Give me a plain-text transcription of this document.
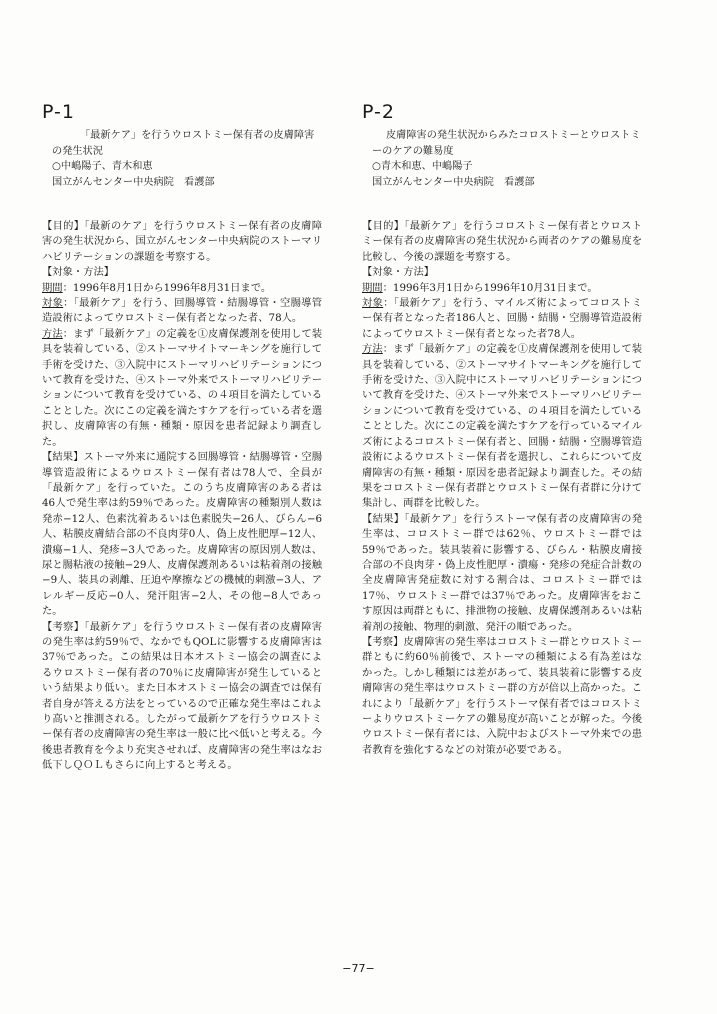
P-1
「最新ケア」を行うウロストミー保有者の皮膚障害の発生状況
○中嶋陽子、青木和恵
国立がんセンター中央病院　看護部

【目的】「最新のケア」を行うウロストミー保有者の皮膚障害の発生状況から、国立がんセンター中央病院のストーマリハビリテーションの課題を考察する。

【対象・方法】

期間：1996年8月1日から1996年8月31日まで。

対象：「最新ケア」を行う、回腸導管・結腸導管・空腸導管造設術によってウロストミー保有者となった者、78人。

方法：まず「最新ケア」の定義を①皮膚保護剤を使用して装具を装着している、②ストーマサイトマーキングを施行して手術を受けた、③入院中にストーマリハビリテーションについて教育を受けた、④ストーマ外来でストーマリハビリテーションについて教育を受けている、の４項目を満たしていることとした。次にこの定義を満たすケアを行っている者を選択し、皮膚障害の有無・種類・原因を患者記録より調査した。

【結果】ストーマ外来に通院する回腸導管・結腸導管・空腸導管造設術によるウロストミー保有者は78人で、全員が「最新ケア」を行っていた。このうち皮膚障害のある者は46人で発生率は約59％であった。皮膚障害の種類別人数は発赤−12人、色素沈着あるいは色素脱失−26人、びらん−6人、粘膜皮膚結合部の不良肉芽0人、偽上皮性肥厚−12人、潰瘍−1人、発疹−3人であった。皮膚障害の原因別人数は、尿と腸粘液の接触−29人、皮膚保護剤あるいは粘着剤の接触−9人、装具の剥離、圧迫や摩擦などの機械的刺激−3人、アレルギー反応−0人、発汗阻害−2人、その他−8人であった。

【考察】「最新ケア」を行うウロストミー保有者の皮膚障害の発生率は約59％で、なかでもQOLに影響する皮膚障害は37％であった。この結果は日本オストミー協会の調査によるウロストミー保有者の70％に皮膚障害が発生しているという結果より低い。また日本オストミー協会の調査では保有者自身が答える方法をとっているので正確な発生率はこれより高いと推測される。したがって最新ケアを行うウロストミー保有者の皮膚障害の発生率は一般に比べ低いと考える。今後患者教育を今より充実させれば、皮膚障害の発生率はなお低下しＱＯＬもさらに向上すると考える。

P-2
皮膚障害の発生状況からみたコロストミーとウロストミーのケアの難易度
○青木和恵、中嶋陽子
国立がんセンター中央病院　看護部

【目的】「最新ケア」を行うコロストミー保有者とウロストミー保有者の皮膚障害の発生状況から両者のケアの難易度を比較し、今後の課題を考察する。

【対象・方法】

期間：1996年3月1日から1996年10月31日まで。

対象：「最新ケア」を行う、マイルズ術によってコロストミー保有者となった者186人と、回腸・結腸・空腸導管造設術によってウロストミー保有者となった者78人。

方法：まず「最新ケア」の定義を①皮膚保護剤を使用して装具を装着している、②ストーマサイトマーキングを施行して手術を受けた、③入院中にストーマリハビリテーションについて教育を受けた、④ストーマ外来でストーマリハビリテーションについて教育を受けている、の４項目を満たしていることとした。次にこの定義を満たすケアを行っているマイルズ術によるコロストミー保有者と、回腸・結腸・空腸導管造設術によるウロストミー保有者を選択し、これらについて皮膚障害の有無・種類・原因を患者記録より調査した。その結果をコロストミー保有者群とウロストミー保有者群に分けて集計し、両群を比較した。

【結果】「最新ケア」を行うストーマ保有者の皮膚障害の発生率は、コロストミー群では62％、ウロストミー群では59％であった。装具装着に影響する、びらん・粘膜皮膚接合部の不良肉芽・偽上皮性肥厚・潰瘍・発疹の発症合計数の全皮膚障害発症数に対する割合は、コロストミー群では17％、ウロストミー群では37％であった。皮膚障害をおこす原因は両群ともに、排泄物の接触、皮膚保護剤あるいは粘着剤の接触、物理的刺激、発汗の順であった。

【考察】皮膚障害の発生率はコロストミー群とウロストミー群ともに約60％前後で、ストーマの種類による有為差はなかった。しかし種類には差があって、装具装着に影響する皮膚障害の発生率はウロストミー群の方が倍以上高かった。これにより「最新ケア」を行うストーマ保有者ではコロストミーよりウロストミーケアの難易度が高いことが解った。今後ウロストミー保有者には、入院中およびストーマ外来での患者教育を強化するなどの対策が必要である。

−77−
